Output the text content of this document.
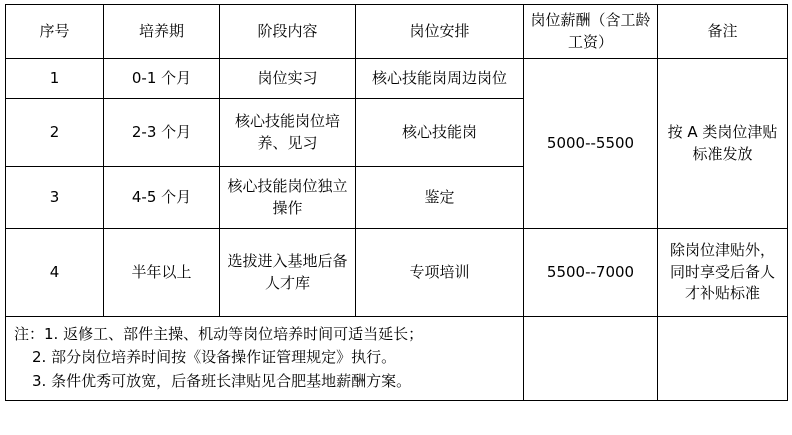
序号	培养期	阶段内容	岗位安排	岗位薪酬（含工龄工资）	备注
1	0-1 个月	岗位实习	核心技能岗周边岗位	5000--5500	按 A 类岗位津贴标准发放
2	2-3 个月	核心技能岗位培养、见习	核心技能岗		
3	4-5 个月	核心技能岗位独立操作	鉴定		
4	半年以上	选拔进入基地后备人才库	专项培训	5500--7000	除岗位津贴外，同时享受后备人才补贴标准

注：1. 返修工、部件主操、机动等岗位培养时间可适当延长；
2. 部分岗位培养时间按《设备操作证管理规定》执行。
3. 条件优秀可放宽，后备班长津贴见合肥基地薪酬方案。					
